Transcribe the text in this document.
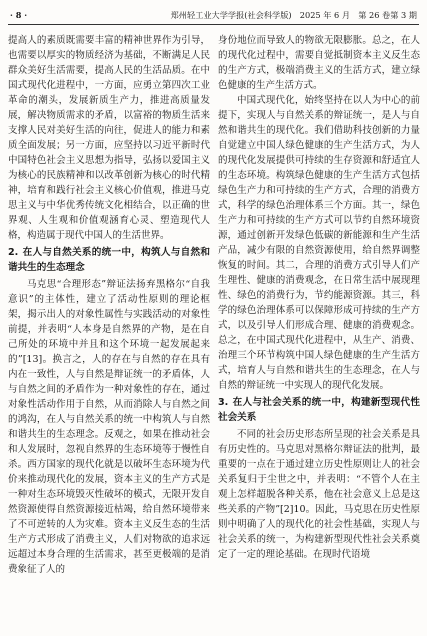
· 8 ·	郑州轻工业大学学报(社会科学版)　2025 年 6 月　第 26 卷第 3 期

提高人的素质既需要丰富的精神世界作为引导，也需要以厚实的物质经济为基础，不断满足人民群众美好生活需要，提高人民的生活品质。在中国式现代化进程中，一方面，应勇立第四次工业革命的潮头，发展新质生产力，推进高质量发展，解决物质需求的矛盾，以富裕的物质生活来支撑人民对美好生活的向往，促进人的能力和素质全面发展；另一方面，应坚持以习近平新时代中国特色社会主义思想为指导，弘扬以爱国主义为核心的民族精神和以改革创新为核心的时代精神，培育和践行社会主义核心价值观，推进马克思主义与中华优秀传统文化相结合，以正确的世界观、人生观和价值观涵育心灵、塑造现代人格，构造属于现代中国人的生活世界。

2. 在人与自然关系的统一中，构筑人与自然和谐共生的生态理念

马克思“合理形态”辩证法扬弃黑格尔“自我意识”的主体性，建立了活动性原则的理论框架，揭示出人的对象性属性与实践活动的对象性前提，并表明“人本身是自然界的产物，是在自己所处的环境中并且和这个环境一起发展起来的”[13]。换言之，人的存在与自然的存在具有内在一致性，人与自然是辩证统一的矛盾体，人与自然之间的矛盾作为一种对象性的存在，通过对象性活动作用于自然，从而消除人与自然之间的鸿沟，在人与自然关系的统一中构筑人与自然和谐共生的生态理念。反观之，如果在推动社会和人发展时，忽视自然界的生态环境等于慢性自杀。西方国家的现代化就是以破坏生态环境为代价来推动现代化的发展，资本主义的生产方式是一种对生态环境毁灭性破坏的模式，无限开发自然资源使得自然资源接近枯竭，给自然环境带来了不可逆转的人为灾难。资本主义反生态的生活生产方式形成了消费主义，人们对物欲的追求远远超过本身合理的生活需求，甚至更极端的是消费象征了人的

身份地位而导致人的物欲无限膨胀。总之，在人的现代化过程中，需要自觉抵制资本主义反生态的生产方式，极端消费主义的生活方式，建立绿色健康的生产生活方式。

中国式现代化，始终坚持在以人为中心的前提下，实现人与自然关系的辩证统一，是人与自然和谐共生的现代化。我们借助科技创新的力量自觉建立中国人绿色健康的生产生活方式，为人的现代化发展提供可持续的生存资源和舒适宜人的生态环境。构筑绿色健康的生产生活方式包括绿色生产力和可持续的生产方式，合理的消费方式，科学的绿色治理体系三个方面。其一，绿色生产力和可持续的生产方式可以节约自然环境资源，通过创新开发绿色低碳的新能源和生产生活产品，减少有限的自然资源使用，给自然界调整恢复的时间。其二，合理的消费方式引导人们产生理性、健康的消费观念，在日常生活中展现理性、绿色的消费行为，节约能源资源。其三，科学的绿色治理体系可以保障形成可持续的生产方式，以及引导人们形成合理、健康的消费观念。总之，在中国式现代化进程中，从生产、消费、治理三个环节构筑中国人绿色健康的生产生活方式，培育人与自然和谐共生的生态理念，在人与自然的辩证统一中实现人的现代化发展。

3. 在人与社会关系的统一中，构建新型现代性社会关系

不同的社会历史形态所呈现的社会关系是具有历史性的。马克思对黑格尔辩证法的批判，最重要的一点在于通过建立历史性原则让人的社会关系复归于尘世之中，并表明：“不管个人在主观上怎样超脱各种关系，他在社会意义上总是这些关系的产物”[2]10。因此，马克思在历史性原则中明确了人的现代化的社会性基础，实现人与社会关系的统一，为构建新型现代性社会关系奠定了一定的理论基础。在现时代语境
